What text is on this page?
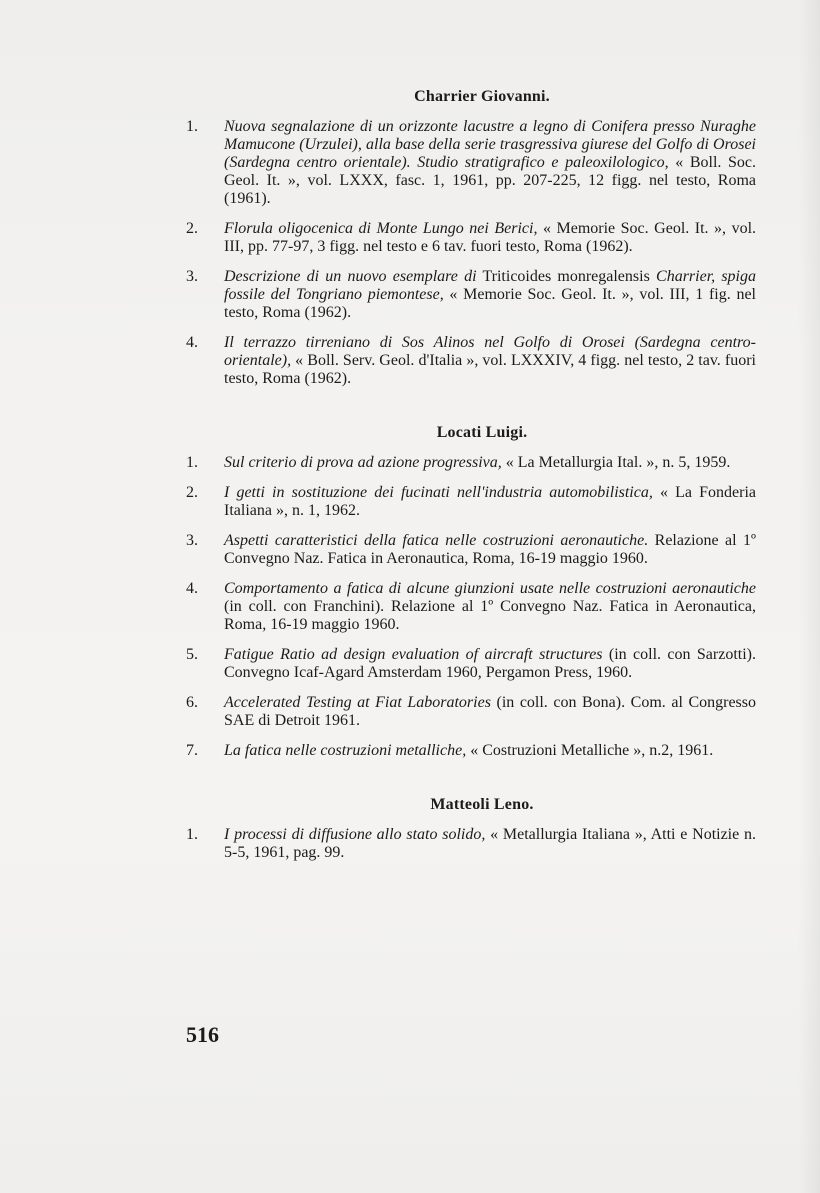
Charrier Giovanni.
1.	Nuova segnalazione di un orizzonte lacustre a legno di Conifera presso Nuraghe Mamucone (Urzulei), alla base della serie trasgressiva giurese del Golfo di Orosei (Sardegna centro orientale). Studio stratigrafico e paleoxilologico, « Boll. Soc. Geol. It. », vol. LXXX, fasc. 1, 1961, pp. 207-225, 12 figg. nel testo, Roma (1961).
2.	Florula oligocenica di Monte Lungo nei Berici, « Memorie Soc. Geol. It. », vol. III, pp. 77-97, 3 figg. nel testo e 6 tav. fuori testo, Roma (1962).
3.	Descrizione di un nuovo esemplare di Triticoides monregalensis Charrier, spiga fossile del Tongriano piemontese, « Memorie Soc. Geol. It. », vol. III, 1 fig. nel testo, Roma (1962).
4.	Il terrazzo tirreniano di Sos Alinos nel Golfo di Orosei (Sardegna centro-orientale), « Boll. Serv. Geol. d'Italia », vol. LXXXIV, 4 figg. nel testo, 2 tav. fuori testo, Roma (1962).
Locati Luigi.
1.	Sul criterio di prova ad azione progressiva, « La Metallurgia Ital. », n. 5, 1959.
2.	I getti in sostituzione dei fucinati nell'industria automobilistica, « La Fonderia Italiana », n. 1, 1962.
3.	Aspetti caratteristici della fatica nelle costruzioni aeronautiche. Relazione al 1º Convegno Naz. Fatica in Aeronautica, Roma, 16-19 maggio 1960.
4.	Comportamento a fatica di alcune giunzioni usate nelle costruzioni aeronautiche (in coll. con Franchini). Relazione al 1º Convegno Naz. Fatica in Aeronautica, Roma, 16-19 maggio 1960.
5.	Fatigue Ratio ad design evaluation of aircraft structures (in coll. con Sarzotti). Convegno Icaf-Agard Amsterdam 1960, Pergamon Press, 1960.
6.	Accelerated Testing at Fiat Laboratories (in coll. con Bona). Com. al Congresso SAE di Detroit 1961.
7.	La fatica nelle costruzioni metalliche, « Costruzioni Metalliche », n.2, 1961.
Matteoli Leno.
1.	I processi di diffusione allo stato solido, « Metallurgia Italiana », Atti e Notizie n. 5-5, 1961, pag. 99.
516
